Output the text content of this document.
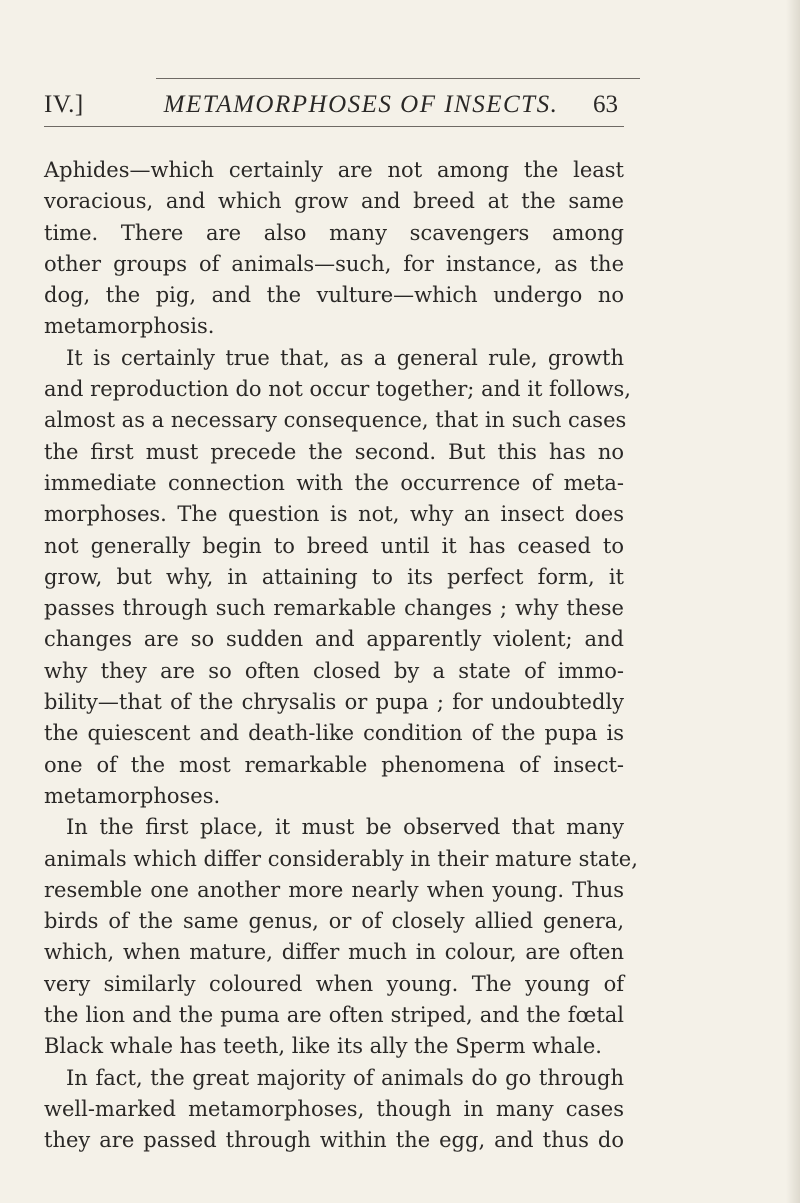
IV.]	METAMORPHOSES OF INSECTS.	63
Aphides—which certainly are not among the least
voracious, and which grow and breed at the same
time. There are also many scavengers among
other groups of animals—such, for instance, as the
dog, the pig, and the vulture—which undergo no
metamorphosis.
It is certainly true that, as a general rule, growth
and reproduction do not occur together; and it follows,
almost as a necessary consequence, that in such cases
the first must precede the second. But this has no
immediate connection with the occurrence of meta-
morphoses. The question is not, why an insect does
not generally begin to breed until it has ceased to
grow, but why, in attaining to its perfect form, it
passes through such remarkable changes ; why these
changes are so sudden and apparently violent; and
why they are so often closed by a state of immo-
bility—that of the chrysalis or pupa ; for undoubtedly
the quiescent and death-like condition of the pupa is
one of the most remarkable phenomena of insect-
metamorphoses.
In the first place, it must be observed that many
animals which differ considerably in their mature state,
resemble one another more nearly when young. Thus
birds of the same genus, or of closely allied genera,
which, when mature, differ much in colour, are often
very similarly coloured when young. The young of
the lion and the puma are often striped, and the fœtal
Black whale has teeth, like its ally the Sperm whale.
In fact, the great majority of animals do go through
well-marked metamorphoses, though in many cases
they are passed through within the egg, and thus do
